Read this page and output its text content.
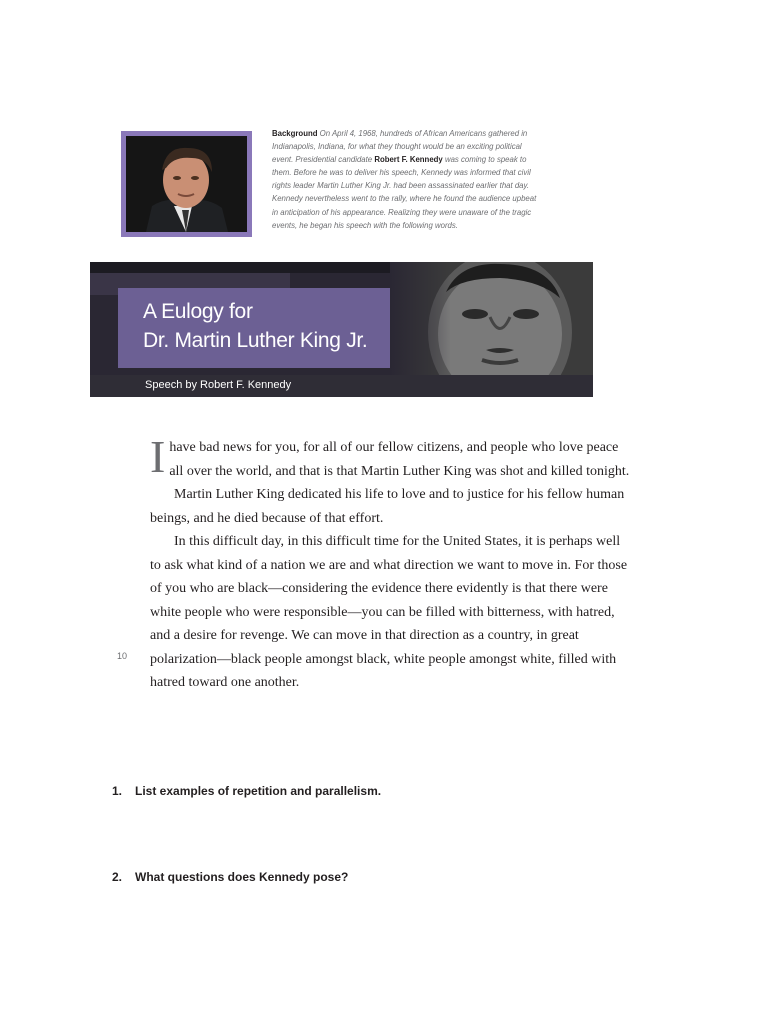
Background On April 4, 1968, hundreds of African Americans gathered in Indianapolis, Indiana, for what they thought would be an exciting political event. Presidential candidate Robert F. Kennedy was coming to speak to them. Before he was to deliver his speech, Kennedy was informed that civil rights leader Martin Luther King Jr. had been assassinated earlier that day. Kennedy nevertheless went to the rally, where he found the audience upbeat in anticipation of his appearance. Realizing they were unaware of the tragic events, he began his speech with the following words.
A Eulogy for
Dr. Martin Luther King Jr.
Speech by Robert F. Kennedy

Ihave bad news for you, for all of our fellow citizens, and people who love peace all over the world, and that is that Martin Luther King was shot and killed tonight.

Martin Luther King dedicated his life to love and to justice for his fellow human beings, and he died because of that effort.

In this difficult day, in this difficult time for the United States, it is perhaps well to ask what kind of a nation we are and what direction we want to move in. For those of you who are black—considering the evidence there evidently is that there were white people who were responsible—you can be filled with bitterness, with hatred, and a desire for revenge. We can move in that direction as a country, in great polarization—black people amongst black, white people amongst white, filled with hatred toward one another.

10
1. List examples of repetition and parallelism.
2. What questions does Kennedy pose?
